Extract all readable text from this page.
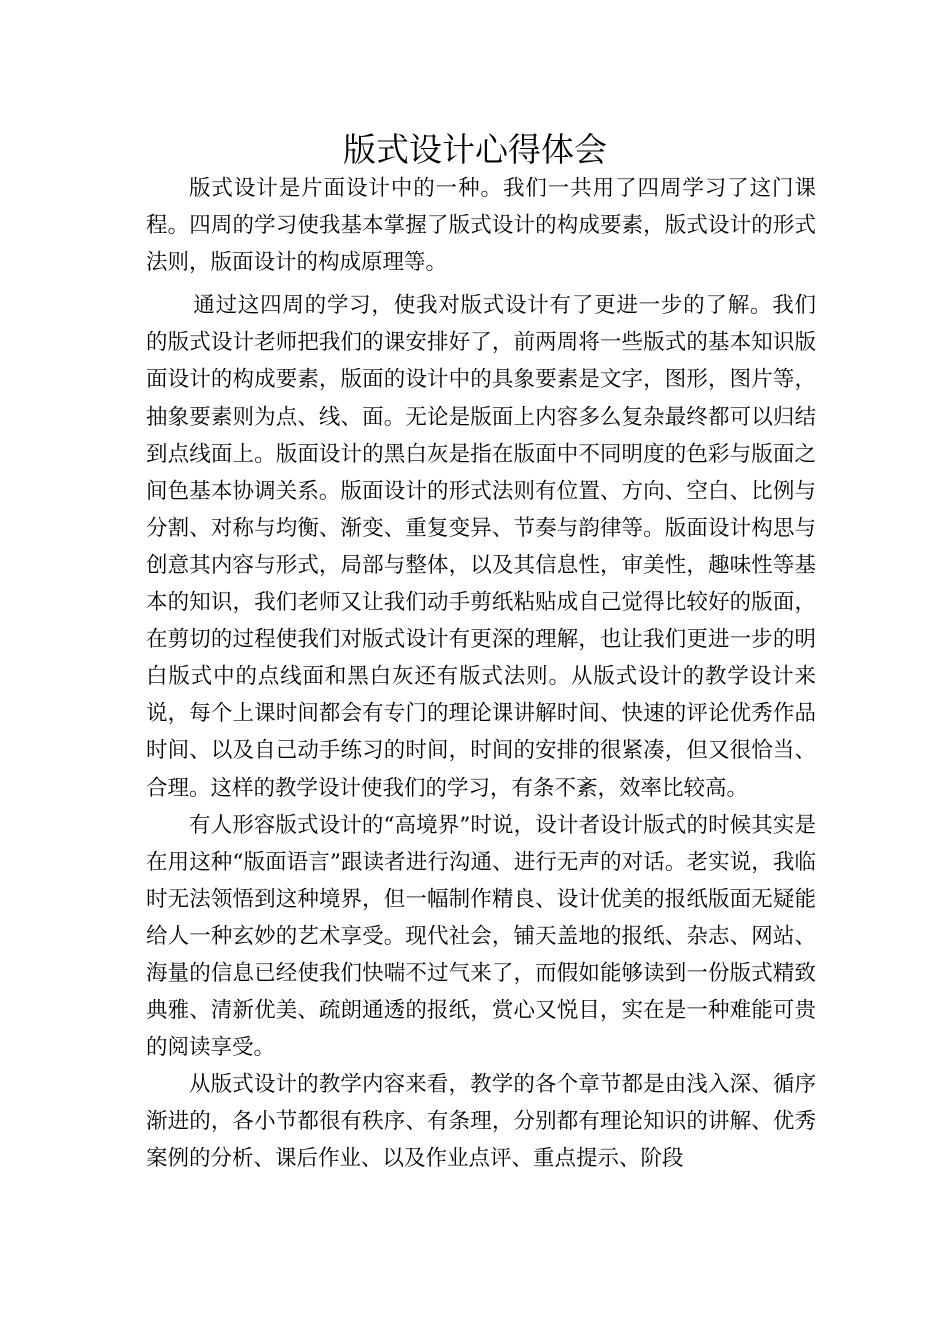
版式设计心得体会

版式设计是片面设计中的一种。我们一共用了四周学习了这门课程。四周的学习使我基本掌握了版式设计的构成要素，版式设计的形式法则，版面设计的构成原理等。

通过这四周的学习，使我对版式设计有了更进一步的了解。我们的版式设计老师把我们的课安排好了，前两周将一些版式的基本知识版面设计的构成要素，版面的设计中的具象要素是文字，图形，图片等，抽象要素则为点、线、面。无论是版面上内容多么复杂最终都可以归结到点线面上。版面设计的黑白灰是指在版面中不同明度的色彩与版面之间色基本协调关系。版面设计的形式法则有位置、方向、空白、比例与分割、对称与均衡、渐变、重复变异、节奏与韵律等。版面设计构思与创意其内容与形式，局部与整体，以及其信息性，审美性，趣味性等基本的知识，我们老师又让我们动手剪纸粘贴成自己觉得比较好的版面，在剪切的过程使我们对版式设计有更深的理解，也让我们更进一步的明白版式中的点线面和黑白灰还有版式法则。从版式设计的教学设计来说，每个上课时间都会有专门的理论课讲解时间、快速的评论优秀作品时间、以及自己动手练习的时间，时间的安排的很紧凑，但又很恰当、合理。这样的教学设计使我们的学习，有条不紊，效率比较高。

有人形容版式设计的“高境界”时说，设计者设计版式的时候其实是在用这种“版面语言”跟读者进行沟通、进行无声的对话。老实说，我临时无法领悟到这种境界，但一幅制作精良、设计优美的报纸版面无疑能给人一种玄妙的艺术享受。现代社会，铺天盖地的报纸、杂志、网站、海量的信息已经使我们快喘不过气来了，而假如能够读到一份版式精致典雅、清新优美、疏朗通透的报纸，赏心又悦目，实在是一种难能可贵的阅读享受。

从版式设计的教学内容来看，教学的各个章节都是由浅入深、循序渐进的，各小节都很有秩序、有条理，分别都有理论知识的讲解、优秀案例的分析、课后作业、以及作业点评、重点提示、阶段
